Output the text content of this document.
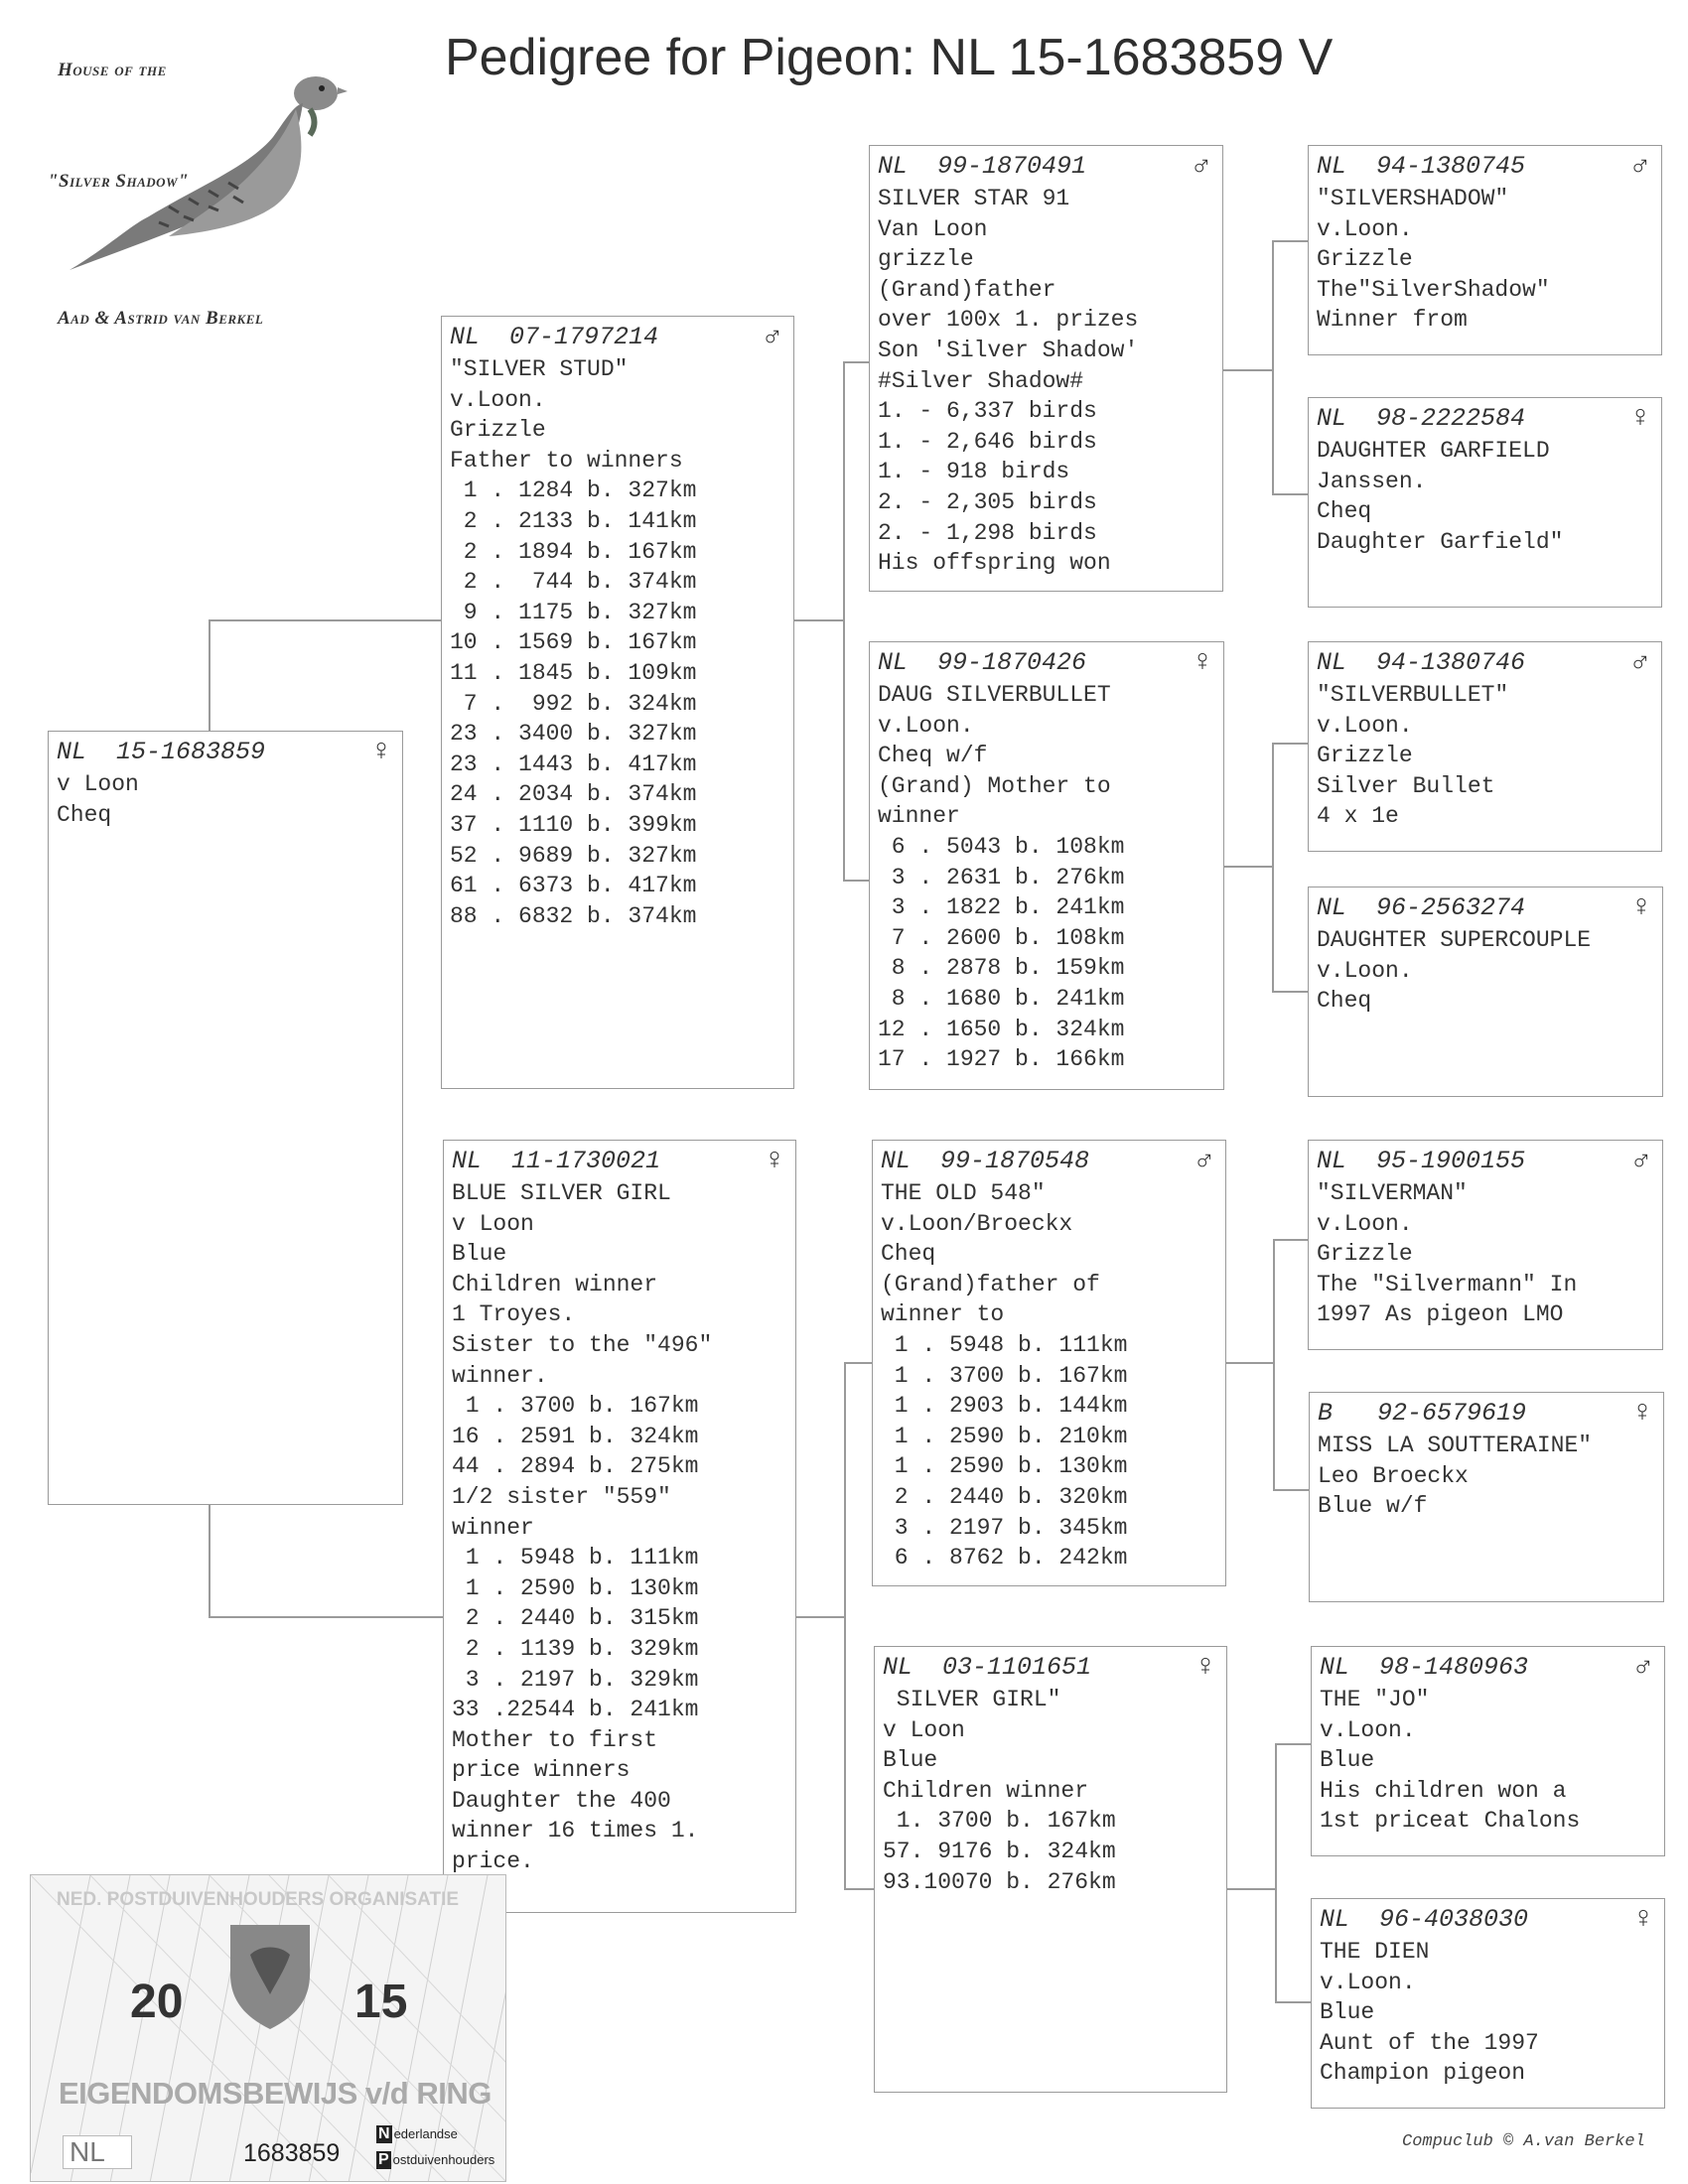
House of the
"Silver Shadow"
Aad & Astrid van Berkel
Pedigree for Pigeon: NL 15-1683859 V
NL  15-1683859	♀
v Loon
Cheq
NL  07-1797214	♂
"SILVER STUD"
v.Loon.
Grizzle
Father to winners
1 . 1284 b. 327km
2 . 2133 b. 141km
2 . 1894 b. 167km
2 .  744 b. 374km
9 . 1175 b. 327km
10 . 1569 b. 167km
11 . 1845 b. 109km
7 .  992 b. 324km
23 . 3400 b. 327km
23 . 1443 b. 417km
24 . 2034 b. 374km
37 . 1110 b. 399km
52 . 9689 b. 327km
61 . 6373 b. 417km
88 . 6832 b. 374km
NL  11-1730021	♀
BLUE SILVER GIRL
v Loon
Blue
Children winner
1 Troyes.
Sister to the "496"
winner.
1 . 3700 b. 167km
16 . 2591 b. 324km
44 . 2894 b. 275km
1/2 sister "559"
winner
1 . 5948 b. 111km
1 . 2590 b. 130km
2 . 2440 b. 315km
2 . 1139 b. 329km
3 . 2197 b. 329km
33 .22544 b. 241km
Mother to first
price winners
Daughter the 400
winner 16 times 1.
price.
NL  99-1870491	♂
SILVER STAR 91
Van Loon
grizzle
(Grand)father
over 100x 1. prizes
Son 'Silver Shadow'
#Silver Shadow#
1. - 6,337 birds
1. - 2,646 birds
1. - 918 birds
2. - 2,305 birds
2. - 1,298 birds
His offspring won
NL  99-1870426	♀
DAUG SILVERBULLET
v.Loon.
Cheq w/f
(Grand) Mother to
winner
6 . 5043 b. 108km
3 . 2631 b. 276km
3 . 1822 b. 241km
7 . 2600 b. 108km
8 . 2878 b. 159km
8 . 1680 b. 241km
12 . 1650 b. 324km
17 . 1927 b. 166km
NL  99-1870548	♂
THE OLD 548"
v.Loon/Broeckx
Cheq
(Grand)father of
winner to
1 . 5948 b. 111km
1 . 3700 b. 167km
1 . 2903 b. 144km
1 . 2590 b. 210km
1 . 2590 b. 130km
2 . 2440 b. 320km
3 . 2197 b. 345km
6 . 8762 b. 242km
NL  03-1101651	♀
SILVER GIRL"
v Loon
Blue
Children winner
1. 3700 b. 167km
57. 9176 b. 324km
93.10070 b. 276km
NL  94-1380745	♂
"SILVERSHADOW"
v.Loon.
Grizzle
The"SilverShadow"
Winner from
NL  98-2222584	♀
DAUGHTER GARFIELD
Janssen.
Cheq
Daughter Garfield"
NL  94-1380746	♂
"SILVERBULLET"
v.Loon.
Grizzle
Silver Bullet
4 x 1e
NL  96-2563274	♀
DAUGHTER SUPERCOUPLE
v.Loon.
Cheq
NL  95-1900155	♂
"SILVERMAN"
v.Loon.
Grizzle
The "Silvermann" In
1997 As pigeon LMO
B   92-6579619	♀
MISS LA SOUTTERAINE"
Leo Broeckx
Blue w/f
NL  98-1480963	♂
THE "JO"
v.Loon.
Blue
His children won a
1st priceat Chalons
NL  96-4038030	♀
THE DIEN
v.Loon.
Blue
Aunt of the 1997
Champion pigeon
NED. POSTDUIVENHOUDERS ORGANISATIE
20	15
EIGENDOMSBEWIJS v/d RING
NL	1683859
N ederlandse
P ostduivenhouders
Compuclub © A.van Berkel
